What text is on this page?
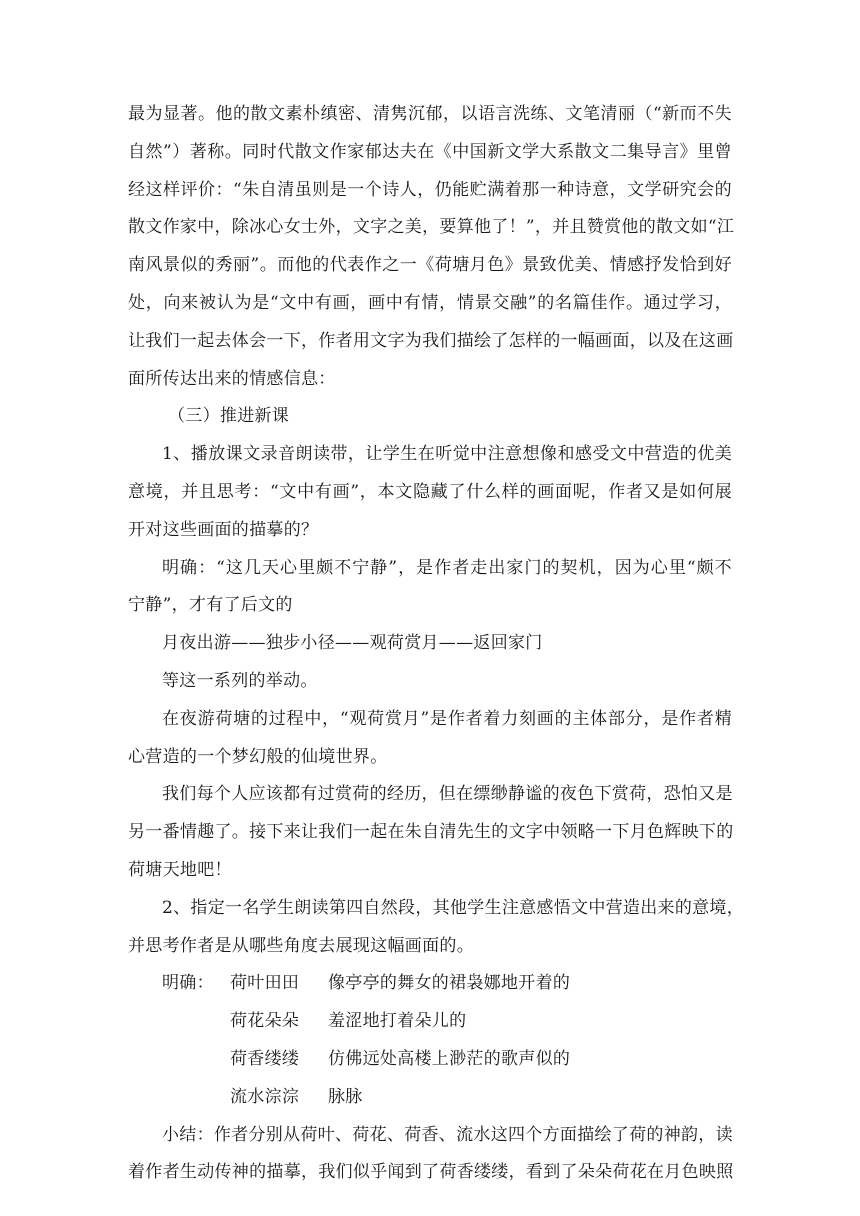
最为显著。他的散文素朴缜密、清隽沉郁，以语言洗练、文笔清丽（“新而不失
自然”）著称。同时代散文作家郁达夫在《中国新文学大系散文二集导言》里曾
经这样评价：“朱自清虽则是一个诗人，仍能贮满着那一种诗意，文学研究会的
散文作家中，除冰心女士外，文字之美，要算他了！”，并且赞赏他的散文如“江
南风景似的秀丽”。而他的代表作之一《荷塘月色》景致优美、情感抒发恰到好
处，向来被认为是“文中有画，画中有情，情景交融”的名篇佳作。通过学习，
让我们一起去体会一下，作者用文字为我们描绘了怎样的一幅画面，以及在这画
面所传达出来的情感信息：
（三）推进新课
1、播放课文录音朗读带，让学生在听觉中注意想像和感受文中营造的优美
意境，并且思考：“文中有画”，本文隐藏了什么样的画面呢，作者又是如何展
开对这些画面的描摹的？
明确：“这几天心里颇不宁静”，是作者走出家门的契机，因为心里“颇不
宁静”，才有了后文的
月夜出游——独步小径——观荷赏月——返回家门
等这一系列的举动。
在夜游荷塘的过程中，“观荷赏月”是作者着力刻画的主体部分，是作者精
心营造的一个梦幻般的仙境世界。
我们每个人应该都有过赏荷的经历，但在缥缈静谧的夜色下赏荷，恐怕又是
另一番情趣了。接下来让我们一起在朱自清先生的文字中领略一下月色辉映下的
荷塘天地吧！
2、指定一名学生朗读第四自然段，其他学生注意感悟文中营造出来的意境，
并思考作者是从哪些角度去展现这幅画面的。
明确： 荷叶田田	像亭亭的舞女的裙袅娜地开着的
荷花朵朵	羞涩地打着朵儿的
荷香缕缕	仿佛远处高楼上渺茫的歌声似的
流水淙淙	脉脉
小结：作者分别从荷叶、荷花、荷香、流水这四个方面描绘了荷的神韵，读
着作者生动传神的描摹，我们似乎闻到了荷香缕缕，看到了朵朵荷花在月色映照
